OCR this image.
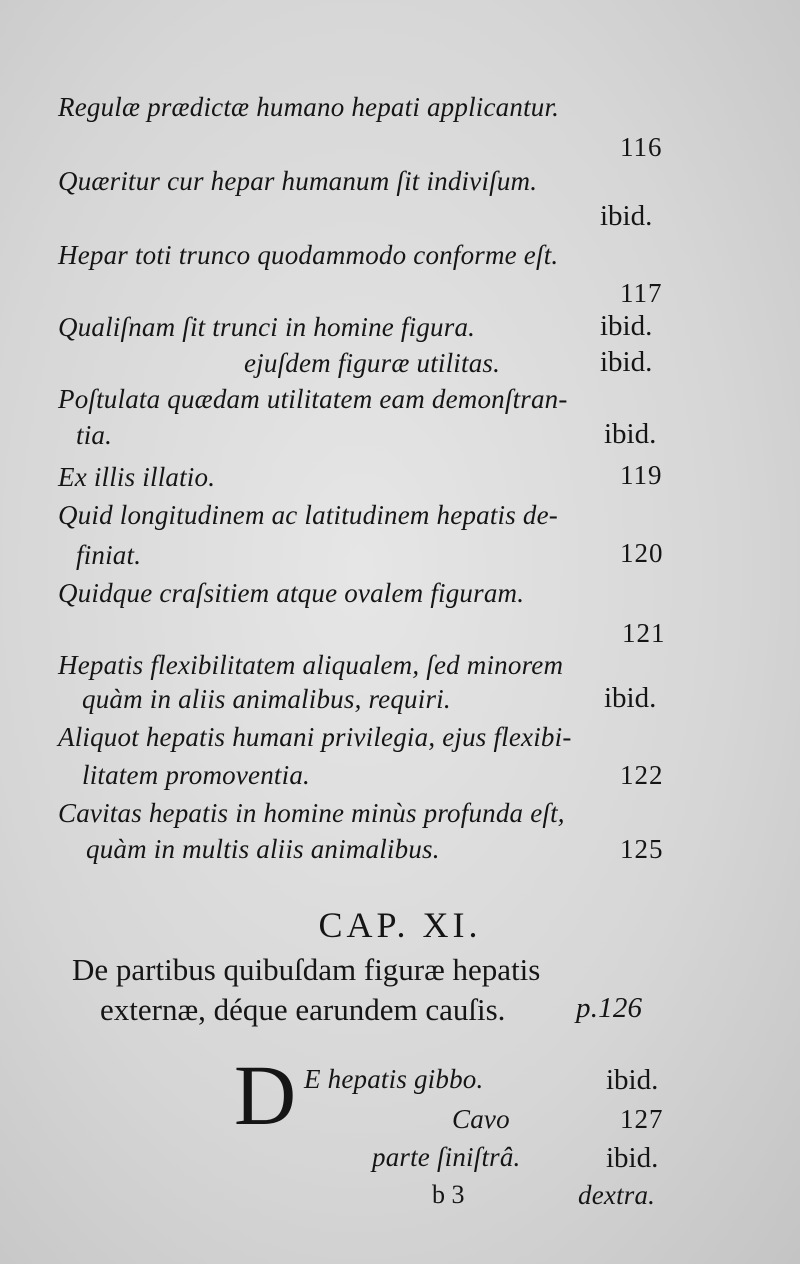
Regulæ prædictæ humano hepati applicantur.
116
Quæritur cur hepar humanum ſit indiviſum.
ibid.
Hepar toti trunco quodammodo conforme eſt.
117
Qualiſnam ſit trunci in homine figura.	ibid.
ejuſdem figuræ utilitas.	ibid.
Poſtulata quædam utilitatem eam demonſtran-
tia.	ibid.
Ex illis illatio.	119
Quid longitudinem ac latitudinem hepatis de-
finiat.	120
Quidque craſsitiem atque ovalem figuram.
121
Hepatis flexibilitatem aliqualem, ſed minorem
quàm in aliis animalibus, requiri.	ibid.
Aliquot hepatis humani privilegia, ejus flexibi-
litatem promoventia.	122
Cavitas hepatis in homine minùs profunda eſt,
quàm in multis aliis animalibus.	125
CAP. XI.
De partibus quibuſdam figuræ hepatis
externæ, déque earundem cauſis. p.126
D E hepatis gibbo.	ibid.
Cavo	127
parte ſiniſtrâ.	ibid.
b 3	dextra.
